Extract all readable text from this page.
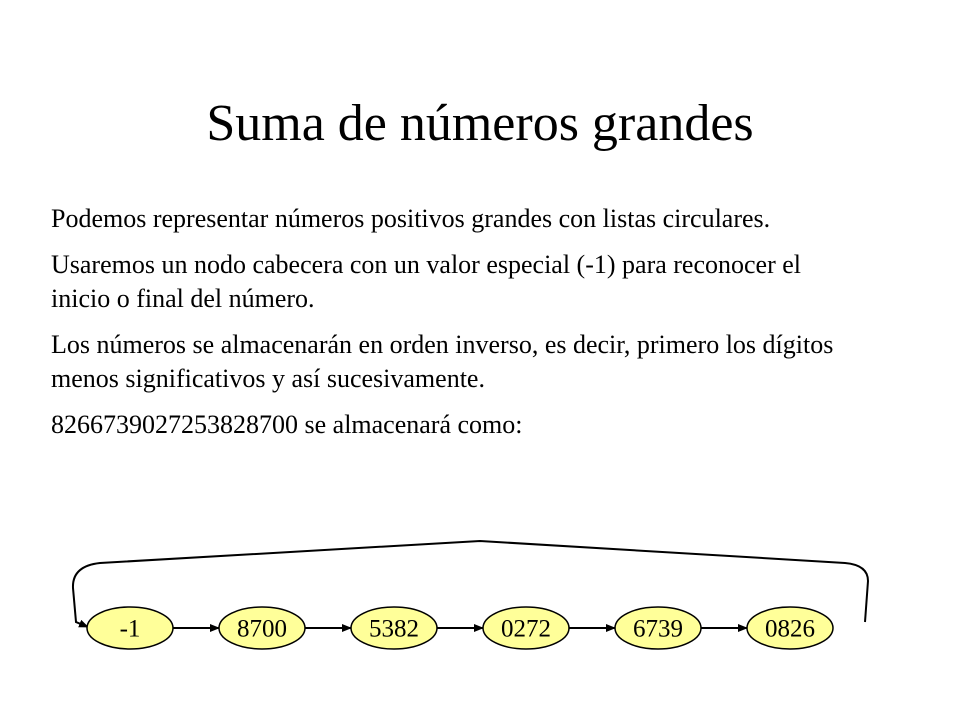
Suma de números grandes

Podemos representar números positivos grandes con listas circulares.

Usaremos un nodo cabecera con un valor especial (-1) para reconocer el inicio o final del número.

Los números se almacenarán en orden inverso, es decir, primero los dígitos menos significativos y así sucesivamente.

8266739027253828700 se almacenará como:

-1	8700	5382	0272	6739	0826
